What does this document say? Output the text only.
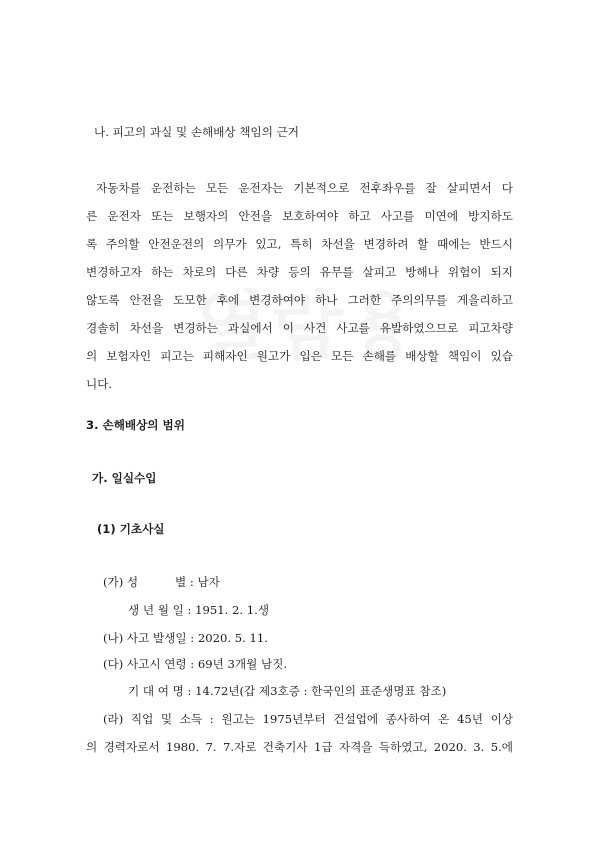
나. 피고의 과실 및 손해배상 책임의 근거
자동차를 운전하는 모든 운전자는 기본적으로 전후좌우를 잘 살피면서 다
른 운전자 또는 보행자의 안전을 보호하여야 하고 사고를 미연에 방지하도
록 주의할 안전운전의 의무가 있고, 특히 차선을 변경하려 할 때에는 반드시
변경하고자 하는 차로의 다른 차량 등의 유무를 살피고 방해나 위험이 되지
않도록 안전을 도모한 후에 변경하여야 하나 그러한 주의의무를 게을리하고
경솔히 차선을 변경하는 과실에서 이 사건 사고를 유발하였으므로 피고차량
의 보험자인 피고는 피해자인 원고가 입은 모든 손해를 배상할 책임이 있습
니다.
3. 손해배상의 범위
가. 일실수입
(1) 기초사실
(가) 성          별 : 남자
생 년 월 일 : 1951. 2. 1.생
(나) 사고 발생일 : 2020. 5. 11.
(다) 사고시 연령 : 69년 3개월 남짓.
기 대 여 명 : 14.72년(갑 제3호증 : 한국인의 표준생명표 참조)
(라) 직업 및 소득 : 원고는 1975년부터 건설업에 종사하여 온 45년 이상
의 경력자로서 1980. 7. 7.자로 건축기사 1급 자격을 득하였고, 2020. 3. 5.에
